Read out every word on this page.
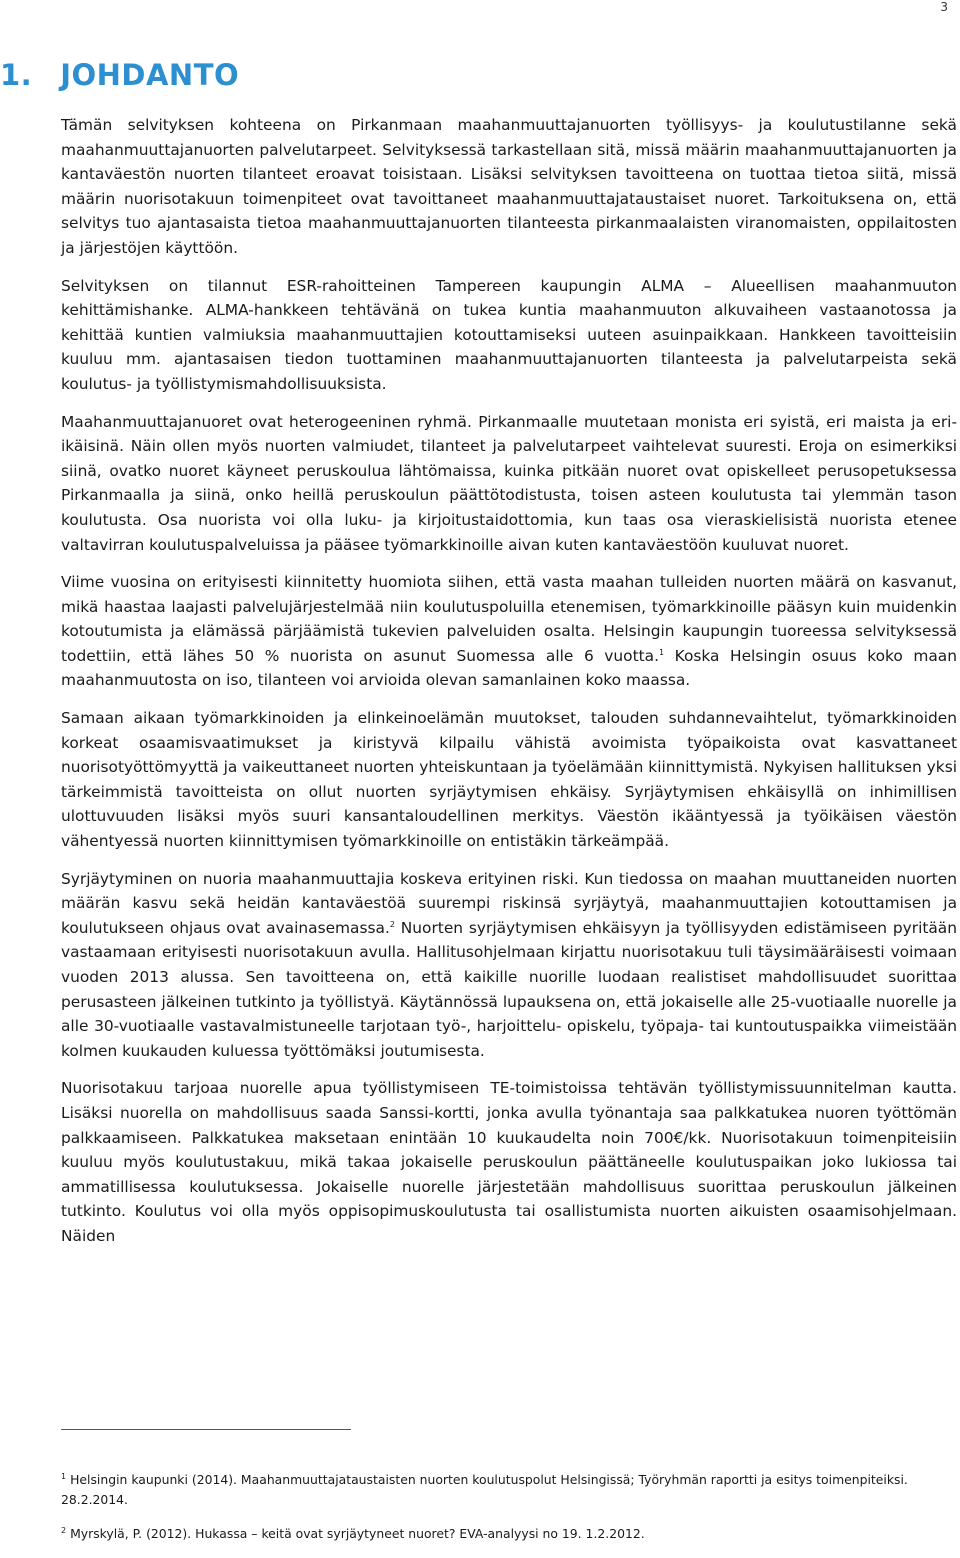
3
1. JOHDANTO

Tämän selvityksen kohteena on Pirkanmaan maahanmuuttajanuorten työllisyys- ja koulutustilanne sekä maahanmuuttajanuorten palvelutarpeet. Selvityksessä tarkastellaan sitä, missä määrin maahanmuuttajanuorten ja kantaväestön nuorten tilanteet eroavat toisistaan. Lisäksi selvityksen tavoitteena on tuottaa tietoa siitä, missä määrin nuorisotakuun toimenpiteet ovat tavoittaneet maahanmuuttajataustaiset nuoret. Tarkoituksena on, että selvitys tuo ajantasaista tietoa maahanmuuttajanuorten tilanteesta pirkanmaalaisten viranomaisten, oppilaitosten ja järjestöjen käyttöön.

Selvityksen on tilannut ESR-rahoitteinen Tampereen kaupungin ALMA – Alueellisen maahanmuuton kehittämishanke. ALMA-hankkeen tehtävänä on tukea kuntia maahanmuuton alkuvaiheen vastaanotossa ja kehittää kuntien valmiuksia maahanmuuttajien kotouttamiseksi uuteen asuinpaikkaan. Hankkeen tavoitteisiin kuuluu mm. ajantasaisen tiedon tuottaminen maahanmuuttajanuorten tilanteesta ja palvelutarpeista sekä koulutus- ja työllistymismahdollisuuksista.

Maahanmuuttajanuoret ovat heterogeeninen ryhmä. Pirkanmaalle muutetaan monista eri syistä, eri maista ja eri-ikäisinä. Näin ollen myös nuorten valmiudet, tilanteet ja palvelutarpeet vaihtelevat suuresti. Eroja on esimerkiksi siinä, ovatko nuoret käyneet peruskoulua lähtömaissa, kuinka pitkään nuoret ovat opiskelleet perusopetuksessa Pirkanmaalla ja siinä, onko heillä peruskoulun päättötodistusta, toisen asteen koulutusta tai ylemmän tason koulutusta. Osa nuorista voi olla luku- ja kirjoitustaidottomia, kun taas osa vieraskielisistä nuorista etenee valtavirran koulutuspalveluissa ja pääsee työmarkkinoille aivan kuten kantaväestöön kuuluvat nuoret.

Viime vuosina on erityisesti kiinnitetty huomiota siihen, että vasta maahan tulleiden nuorten määrä on kasvanut, mikä haastaa laajasti palvelujärjestelmää niin koulutuspoluilla etenemisen, työmarkkinoille pääsyn kuin muidenkin kotoutumista ja elämässä pärjäämistä tukevien palveluiden osalta. Helsingin kaupungin tuoreessa selvityksessä todettiin, että lähes 50 % nuorista on asunut Suomessa alle 6 vuotta.$^1$ Koska Helsingin osuus koko maan maahanmuutosta on iso, tilanteen voi arvioida olevan samanlainen koko maassa.

Samaan aikaan työmarkkinoiden ja elinkeinoelämän muutokset, talouden suhdannevaihtelut, työmarkkinoiden korkeat osaamisvaatimukset ja kiristyvä kilpailu vähistä avoimista työpaikoista ovat kasvattaneet nuorisotyöttömyyttä ja vaikeuttaneet nuorten yhteiskuntaan ja työelämään kiinnittymistä. Nykyisen hallituksen yksi tärkeimmistä tavoitteista on ollut nuorten syrjäytymisen ehkäisy. Syrjäytymisen ehkäisyllä on inhimillisen ulottuvuuden lisäksi myös suuri kansantaloudellinen merkitys. Väestön ikääntyessä ja työikäisen väestön vähentyessä nuorten kiinnittymisen työmarkkinoille on entistäkin tärkeämpää.

Syrjäytyminen on nuoria maahanmuuttajia koskeva erityinen riski. Kun tiedossa on maahan muuttaneiden nuorten määrän kasvu sekä heidän kantaväestöä suurempi riskinsä syrjäytyä, maahanmuuttajien kotouttamisen ja koulutukseen ohjaus ovat avainasemassa.$^2$ Nuorten syrjäytymisen ehkäisyyn ja työllisyyden edistämiseen pyritään vastaamaan erityisesti nuorisotakuun avulla. Hallitusohjelmaan kirjattu nuorisotakuu tuli täysimääräisesti voimaan vuoden 2013 alussa. Sen tavoitteena on, että kaikille nuorille luodaan realistiset mahdollisuudet suorittaa perusasteen jälkeinen tutkinto ja työllistyä. Käytännössä lupauksena on, että jokaiselle alle 25-vuotiaalle nuorelle ja alle 30-vuotiaalle vastavalmistuneelle tarjotaan työ-, harjoittelu- opiskelu, työpaja- tai kuntoutuspaikka viimeistään kolmen kuukauden kuluessa työttömäksi joutumisesta.

Nuorisotakuu tarjoaa nuorelle apua työllistymiseen TE-toimistoissa tehtävän työllistymissuunnitelman kautta. Lisäksi nuorella on mahdollisuus saada Sanssi-kortti, jonka avulla työnantaja saa palkkatukea nuoren työttömän palkkaamiseen. Palkkatukea maksetaan enintään 10 kuukaudelta noin 700€/kk. Nuorisotakuun toimenpiteisiin kuuluu myös koulutustakuu, mikä takaa jokaiselle peruskoulun päättäneelle koulutuspaikan joko lukiossa tai ammatillisessa koulutuksessa. Jokaiselle nuorelle järjestetään mahdollisuus suorittaa peruskoulun jälkeinen tutkinto. Koulutus voi olla myös oppisopimuskoulutusta tai osallistumista nuorten aikuisten osaamisohjelmaan. Näiden

$^1$ Helsingin kaupunki (2014). Maahanmuuttajataustaisten nuorten koulutuspolut Helsingissä; Työryhmän raportti ja esitys toimenpiteiksi. 28.2.2014.
$^2$ Myrskylä, P. (2012). Hukassa – keitä ovat syrjäytyneet nuoret? EVA-analyysi no 19. 1.2.2012.
